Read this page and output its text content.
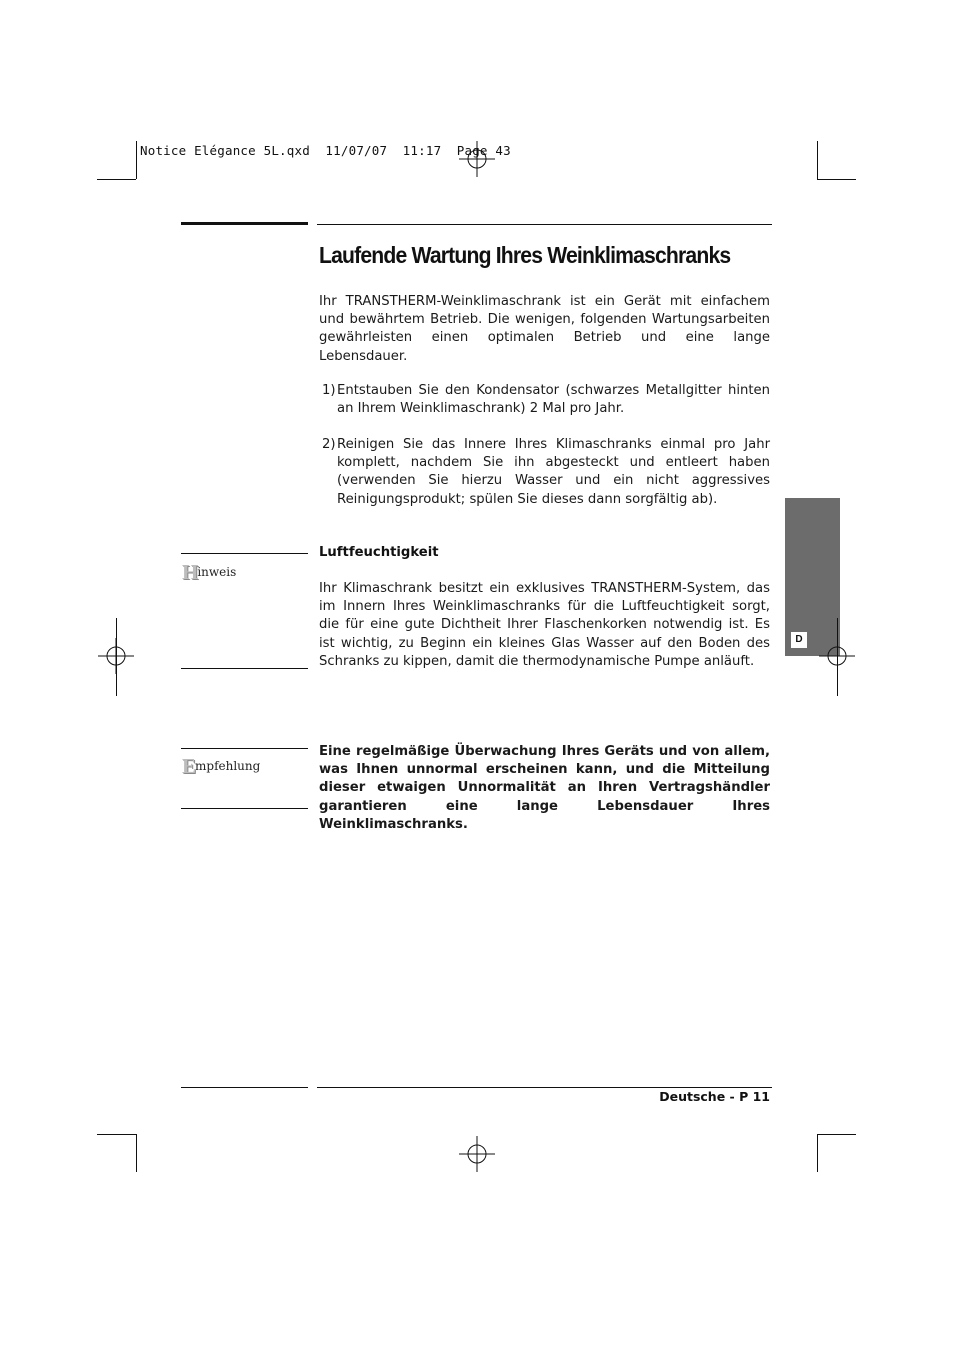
Notice Elégance 5L.qxd  11/07/07  11:17  Page 43
Laufende Wartung Ihres Weinklimaschranks
Ihr TRANSTHERM-Weinklimaschrank ist ein Gerät mit einfachem und bewährtem Betrieb. Die wenigen, folgenden Wartungsarbeiten gewährleisten einen optimalen Betrieb und eine lange Lebensdauer.
1) Entstauben Sie den Kondensator (schwarzes Metallgitter hinten an Ihrem Weinklimaschrank) 2 Mal pro Jahr.
2) Reinigen Sie das Innere Ihres Klimaschranks einmal pro Jahr komplett, nachdem Sie ihn abgesteckt und entleert haben (verwenden Sie hierzu Wasser und ein nicht aggressives Reinigungsprodukt; spülen Sie dieses dann sorgfältig ab).
Hinweis
Luftfeuchtigkeit
Ihr Klimaschrank besitzt ein exklusives TRANSTHERM-System, das im Innern Ihres Weinklimaschranks für die Luftfeuchtigkeit sorgt, die für eine gute Dichtheit Ihrer Flaschenkorken notwendig ist. Es ist wichtig, zu Beginn ein kleines Glas Wasser auf den Boden des Schranks zu kippen, damit die thermodynamische Pumpe anläuft.
Empfehlung
Eine regelmäßige Überwachung Ihres Geräts und von allem, was Ihnen unnormal erscheinen kann, und die Mitteilung dieser etwaigen Unnormalität an Ihren Vertragshändler garantieren eine lange Lebensdauer Ihres Weinklimaschranks.
D
Deutsche - P 11
